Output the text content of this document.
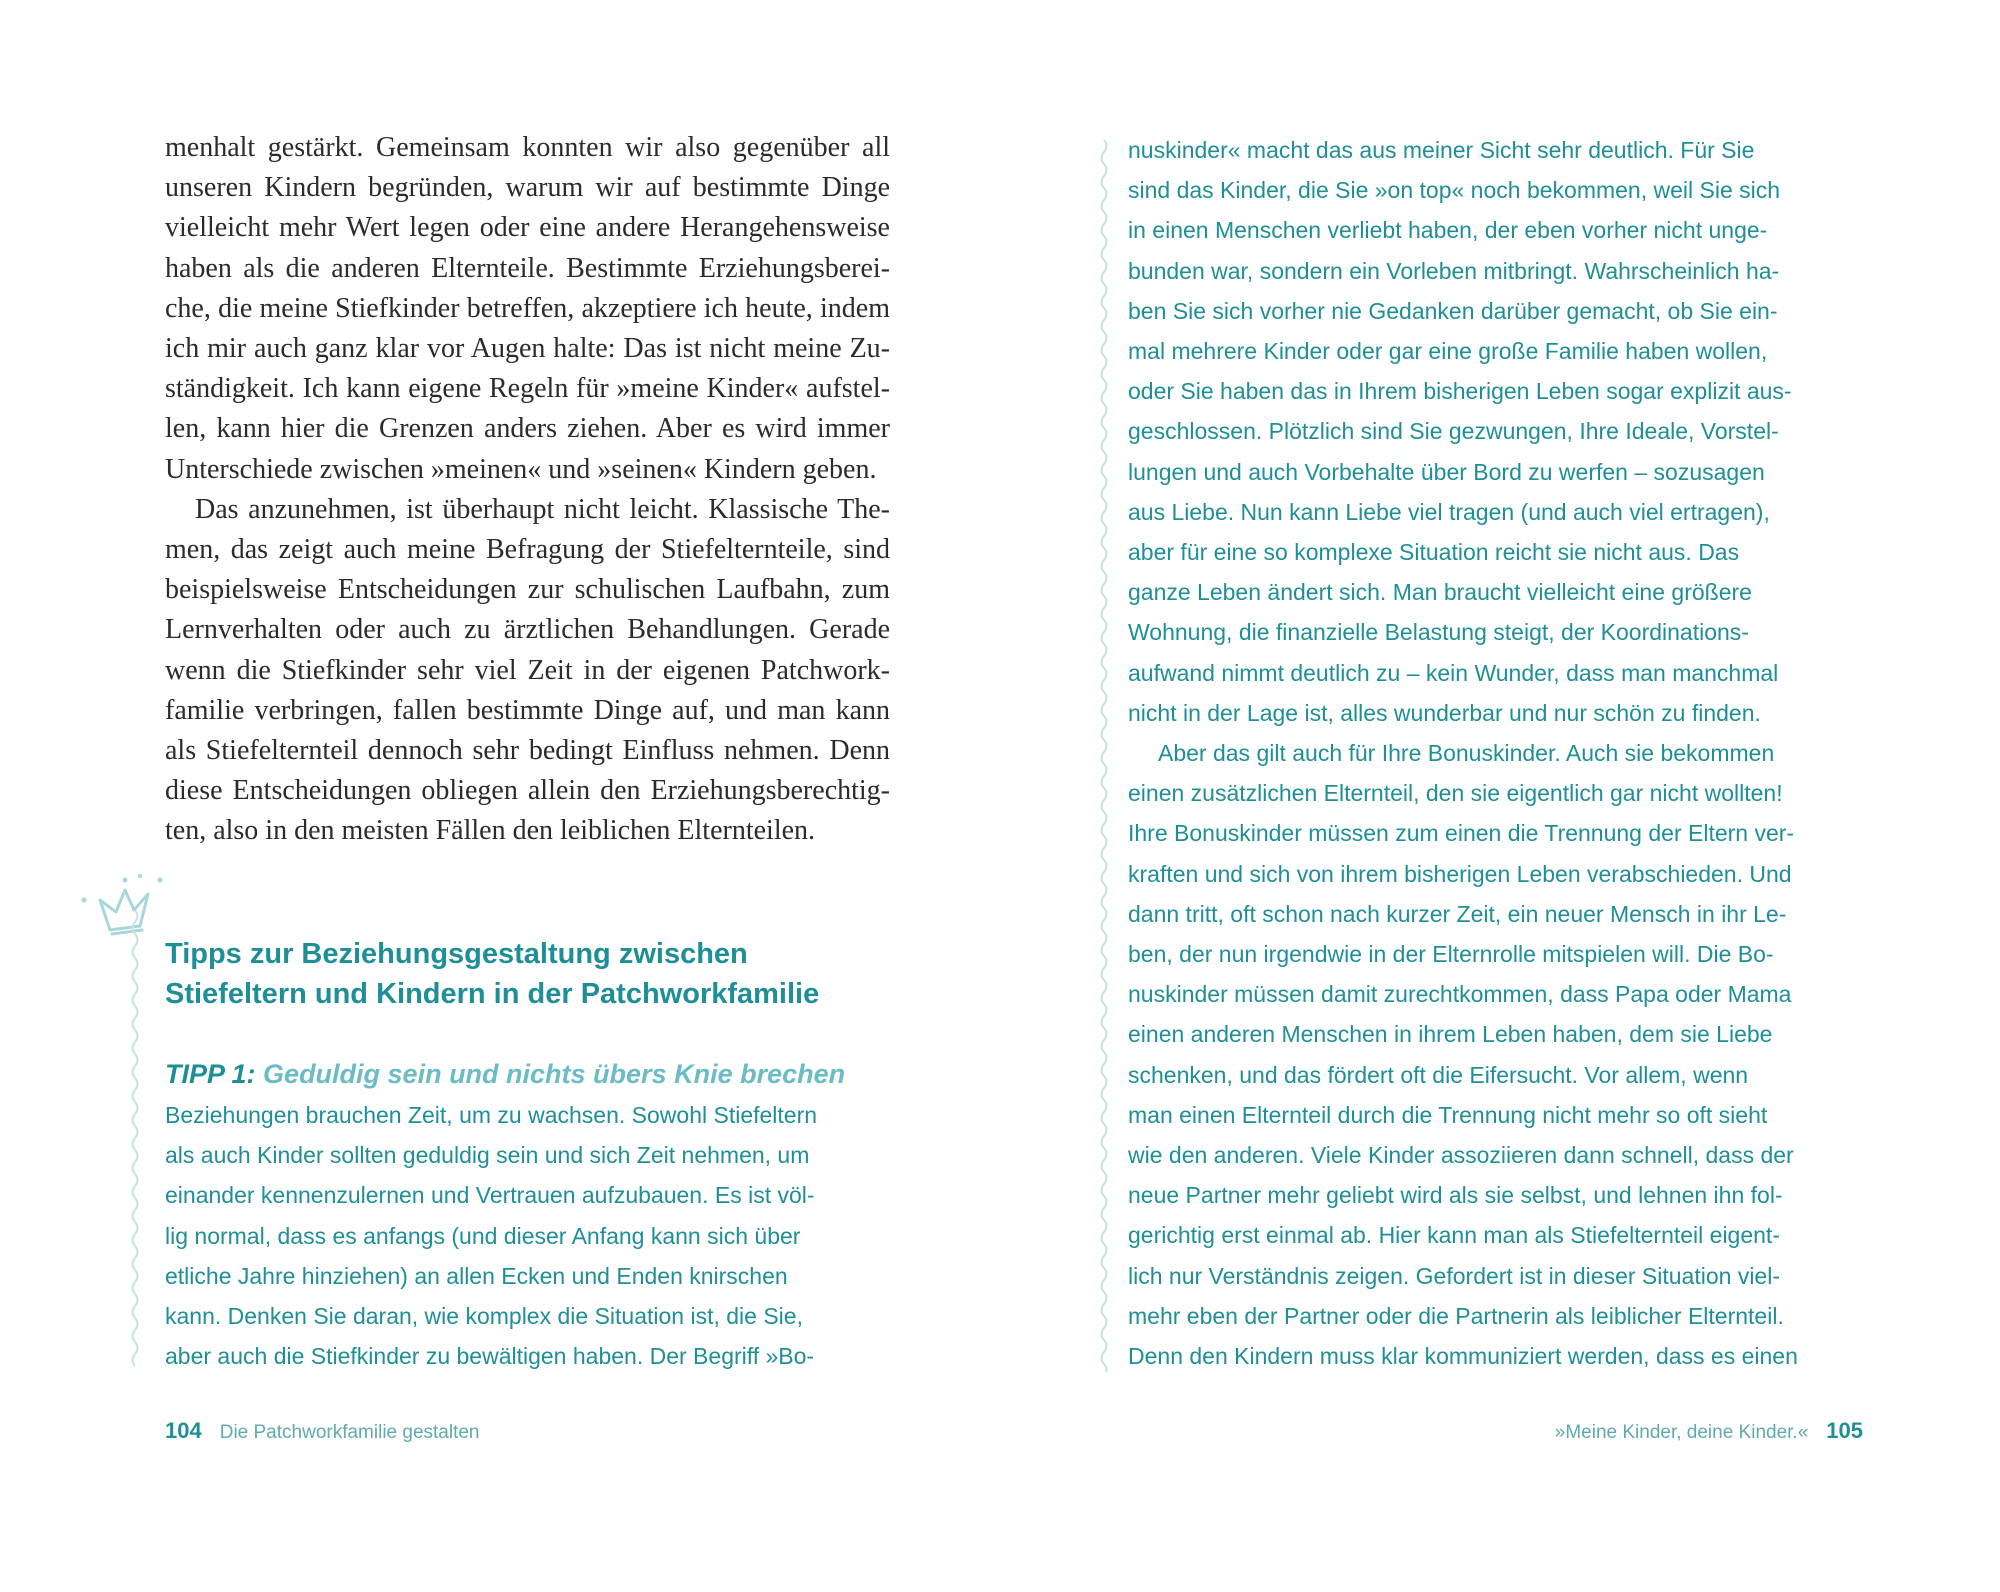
menhalt gestärkt. Gemeinsam konnten wir also gegenüber all unseren Kindern begründen, warum wir auf bestimmte Dinge vielleicht mehr Wert legen oder eine andere Herangehensweise haben als die anderen Elternteile. Bestimmte Erziehungsberei- che, die meine Stiefkinder betreffen, akzeptiere ich heute, indem ich mir auch ganz klar vor Augen halte: Das ist nicht meine Zu- ständigkeit. Ich kann eigene Regeln für »meine Kinder« aufstel- len, kann hier die Grenzen anders ziehen. Aber es wird immer Unterschiede zwischen »meinen« und »seinen« Kindern geben.

Das anzunehmen, ist überhaupt nicht leicht. Klassische The- men, das zeigt auch meine Befragung der Stiefelternteile, sind beispielsweise Entscheidungen zur schulischen Laufbahn, zum Lernverhalten oder auch zu ärztlichen Behandlungen. Gerade wenn die Stiefkinder sehr viel Zeit in der eigenen Patchwork- familie verbringen, fallen bestimmte Dinge auf, und man kann als Stiefelternteil dennoch sehr bedingt Einfluss nehmen. Denn diese Entscheidungen obliegen allein den Erziehungsberechtig- ten, also in den meisten Fällen den leiblichen Elternteilen.

Tipps zur Beziehungsgestaltung zwischen
Stiefeltern und Kindern in der Patchworkfamilie
TIPP 1: Geduldig sein und nichts übers Knie brechen
Beziehungen brauchen Zeit, um zu wachsen. Sowohl Stiefeltern
als auch Kinder sollten geduldig sein und sich Zeit nehmen, um
einander kennenzulernen und Vertrauen aufzubauen. Es ist völ-
lig normal, dass es anfangs (und dieser Anfang kann sich über
etliche Jahre hinziehen) an allen Ecken und Enden knirschen
kann. Denken Sie daran, wie komplex die Situation ist, die Sie,
aber auch die Stiefkinder zu bewältigen haben. Der Begriff »Bo-
104 Die Patchworkfamilie gestalten
nuskinder« macht das aus meiner Sicht sehr deutlich. Für Sie
sind das Kinder, die Sie »on top« noch bekommen, weil Sie sich
in einen Menschen verliebt haben, der eben vorher nicht unge-
bunden war, sondern ein Vorleben mitbringt. Wahrscheinlich ha-
ben Sie sich vorher nie Gedanken darüber gemacht, ob Sie ein-
mal mehrere Kinder oder gar eine große Familie haben wollen,
oder Sie haben das in Ihrem bisherigen Leben sogar explizit aus-
geschlossen. Plötzlich sind Sie gezwungen, Ihre Ideale, Vorstel-
lungen und auch Vorbehalte über Bord zu werfen – sozusagen
aus Liebe. Nun kann Liebe viel tragen (und auch viel ertragen),
aber für eine so komplexe Situation reicht sie nicht aus. Das
ganze Leben ändert sich. Man braucht vielleicht eine größere
Wohnung, die finanzielle Belastung steigt, der Koordinations-
aufwand nimmt deutlich zu – kein Wunder, dass man manchmal
nicht in der Lage ist, alles wunderbar und nur schön zu finden.
Aber das gilt auch für Ihre Bonuskinder. Auch sie bekommen
einen zusätzlichen Elternteil, den sie eigentlich gar nicht wollten!
Ihre Bonuskinder müssen zum einen die Trennung der Eltern ver-
kraften und sich von ihrem bisherigen Leben verabschieden. Und
dann tritt, oft schon nach kurzer Zeit, ein neuer Mensch in ihr Le-
ben, der nun irgendwie in der Elternrolle mitspielen will. Die Bo-
nuskinder müssen damit zurechtkommen, dass Papa oder Mama
einen anderen Menschen in ihrem Leben haben, dem sie Liebe
schenken, und das fördert oft die Eifersucht. Vor allem, wenn
man einen Elternteil durch die Trennung nicht mehr so oft sieht
wie den anderen. Viele Kinder assoziieren dann schnell, dass der
neue Partner mehr geliebt wird als sie selbst, und lehnen ihn fol-
gerichtig erst einmal ab. Hier kann man als Stiefelternteil eigent-
lich nur Verständnis zeigen. Gefordert ist in dieser Situation viel-
mehr eben der Partner oder die Partnerin als leiblicher Elternteil.
Denn den Kindern muss klar kommuniziert werden, dass es einen
»Meine Kinder, deine Kinder.« 105
